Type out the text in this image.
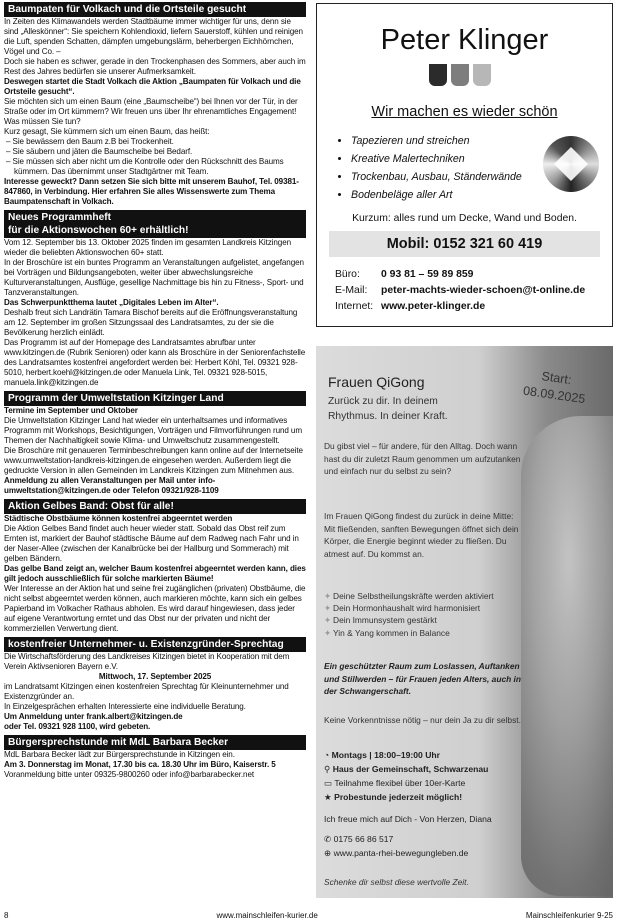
Baumpaten für Volkach und die Ortsteile gesucht

In Zeiten des Klimawandels werden Stadtbäume immer wichtiger für uns, denn sie sind „Alleskönner“: Sie speichern Kohlendioxid, liefern Sauerstoff, kühlen und reinigen die Luft, spenden Schatten, dämpfen umgebungslärm, beherbergen Eichhörnchen, Vögel und Co. –

Doch sie haben es schwer, gerade in den Trockenphasen des Sommers, aber auch im Rest des Jahres bedürfen sie unserer Aufmerksamkeit.

Deswegen startet die Stadt Volkach die Aktion „Baumpaten für Volkach und die Ortsteile gesucht“.

Sie möchten sich um einen Baum (eine „Baumscheibe“) bei Ihnen vor der Tür, in der Straße oder im Ort kümmern? Wir freuen uns über Ihr ehrenamtliches Engagement! Was müssen Sie tun?

Kurz gesagt, Sie kümmern sich um einen Baum, das heißt:

– Sie bewässern den Baum z.B bei Trockenheit.

– Sie säubern und jäten die Baumscheibe bei Bedarf.

– Sie müssen sich aber nicht um die Kontrolle oder den Rückschnitt des Baums kümmern. Das übernimmt unser Stadtgärtner mit Team.

Interesse geweckt? Dann setzen Sie sich bitte mit unserem Bauhof, Tel. 09381-847860, in Verbindung. Hier erfahren Sie alles Wissenswerte zum Thema Baumpatenschaft in Volkach.

Neues Programmheft
für die Aktionswochen 60+ erhältlich!

Vom 12. September bis 13. Oktober 2025 finden im gesamten Landkreis Kitzingen wieder die beliebten Aktionswochen 60+ statt.

In der Broschüre ist ein buntes Programm an Veranstaltungen aufgelistet, angefangen bei Vorträgen und Bildungsangeboten, weiter über abwechslungsreiche Kulturveranstaltungen, Ausflüge, gesellige Nachmittage bis hin zu Fitness-, Sport- und Tanzveranstaltungen.

Das Schwerpunktthema lautet „Digitales Leben im Alter“.

Deshalb freut sich Landrätin Tamara Bischof bereits auf die Eröffnungsveranstaltung am 12. September im großen Sitzungssaal des Landratsamtes, zu der sie die Bevölkerung herzlich einlädt.

Das Programm ist auf der Homepage des Landratsamtes abrufbar unter www.kitzingen.de (Rubrik Senioren) oder kann als Broschüre in der Seniorenfachstelle des Landratsamtes kostenfrei angefordert werden bei: Herbert Köhl, Tel. 09321 928-5010, herbert.koehl@kitzingen.de oder Manuela Link, Tel. 09321 928-5015, manuela.link@kitzingen.de

Programm der Umweltstation Kitzinger Land

Termine im September und Oktober

Die Umweltstation Kitzinger Land hat wieder ein unterhaltsames und informatives Programm mit Workshops, Besichtigungen, Vorträgen und Filmvorführungen rund um Themen der Nachhaltigkeit sowie Klima- und Umweltschutz zusammengestellt.

Die Broschüre mit genaueren Terminbeschreibungen kann online auf der Internetseite www.umweltstation-landkreis-kitzingen.de eingesehen werden. Außerdem liegt die gedruckte Version in allen Gemeinden im Landkreis Kitzingen zum Mitnehmen aus.

Anmeldung zu allen Veranstaltungen per Mail unter info-umweltstation@kitzingen.de oder Telefon 09321/928-1109

Aktion Gelbes Band: Obst für alle!

Städtische Obstbäume können kostenfrei abgeerntet werden

Die Aktion Gelbes Band findet auch heuer wieder statt. Sobald das Obst reif zum Ernten ist, markiert der Bauhof städtische Bäume auf dem Radweg nach Fahr und in der Naser-Allee (zwischen der Kanalbrücke bei der Hallburg und Sommerach) mit gelben Bändern.

Das gelbe Band zeigt an, welcher Baum kostenfrei abgeerntet werden kann, dies gilt jedoch ausschließlich für solche markierten Bäume!

Wer Interesse an der Aktion hat und seine frei zugänglichen (privaten) Obstbäume, die nicht selbst abgeerntet werden können, auch markieren möchte, kann sich ein gelbes Papierband im Volkacher Rathaus abholen. Es wird darauf hingewiesen, dass jeder auf eigene Verantwortung erntet und das Obst nur der privaten und nicht der kommerziellen Verwertung dient.

kostenfreier Unternehmer- u. Existenzgründer-Sprechtag

Die Wirtschaftsförderung des Landkreises Kitzingen bietet in Kooperation mit dem Verein Aktivsenioren Bayern e.V.

Mittwoch, 17. September 2025

im Landratsamt Kitzingen einen kostenfreien Sprechtag für Kleinunternehmer und Existenzgründer an.

In Einzelgesprächen erhalten Interessierte eine individuelle Beratung.

Um Anmeldung unter frank.albert@kitzingen.de

oder Tel. 09321 928 1100, wird gebeten.

Bürgersprechstunde mit MdL Barbara Becker

MdL Barbara Becker lädt zur Bürgersprechstunde in Kitzingen ein.

Am 3. Donnerstag im Monat, 17.30 bis ca. 18.30 Uhr im Büro, Kaiserstr. 5

Voranmeldung bitte unter 09325-9800260 oder info@barbarabecker.net

Peter Klinger
Wir machen es wieder schön
• Tapezieren und streichen
• Kreative Malertechniken
• Trockenbau, Ausbau, Ständerwände
• Bodenbeläge aller Art
Kurzum: alles rund um Decke, Wand und Boden.
Mobil: 0152 321 60 419
Büro: 0 93 81 – 59 89 859
E-Mail: peter-machts-wieder-schoen@t-online.de
Internet: www.peter-klinger.de
Frauen QiGong
Zurück zu dir. In deinem
Rhythmus. In deiner Kraft.
Start:
08.09.2025

Du gibst viel – für andere, für den Alltag. Doch wann hast du dir zuletzt Raum genommen um aufzutanken und einfach nur du selbst zu sein?

Im Frauen QiGong findest du zurück in deine Mitte: Mit fließenden, sanften Bewegungen öffnet sich dein Körper, die Energie beginnt wieder zu fließen. Du atmest auf. Du kommst an.

✦ Deine Selbstheilungskräfte werden aktiviert
✦ Dein Hormonhaushalt wird harmonisiert
✦ Dein Immunsystem gestärkt
✦ Yin & Yang kommen in Balance
Ein geschützter Raum zum Loslassen, Auftanken und Stillwerden – für Frauen jeden Alters, auch in der Schwangerschaft.

Keine Vorkenntnisse nötig – nur dein Ja zu dir selbst.

◔ Montags | 18:00–19:00 Uhr
⚲ Haus der Gemeinschaft, Schwarzenau
▭ Teilnahme flexibel über 10er-Karte
★ Probestunde jederzeit möglich!
Ich freue mich auf Dich - Von Herzen, Diana
✆ 0175 66 86 517
⊕ www.panta-rhei-bewegungleben.de
Schenke dir selbst diese wertvolle Zeit.
8	www.mainschleifen-kurier.de	Mainschleifenkurier 9-25
